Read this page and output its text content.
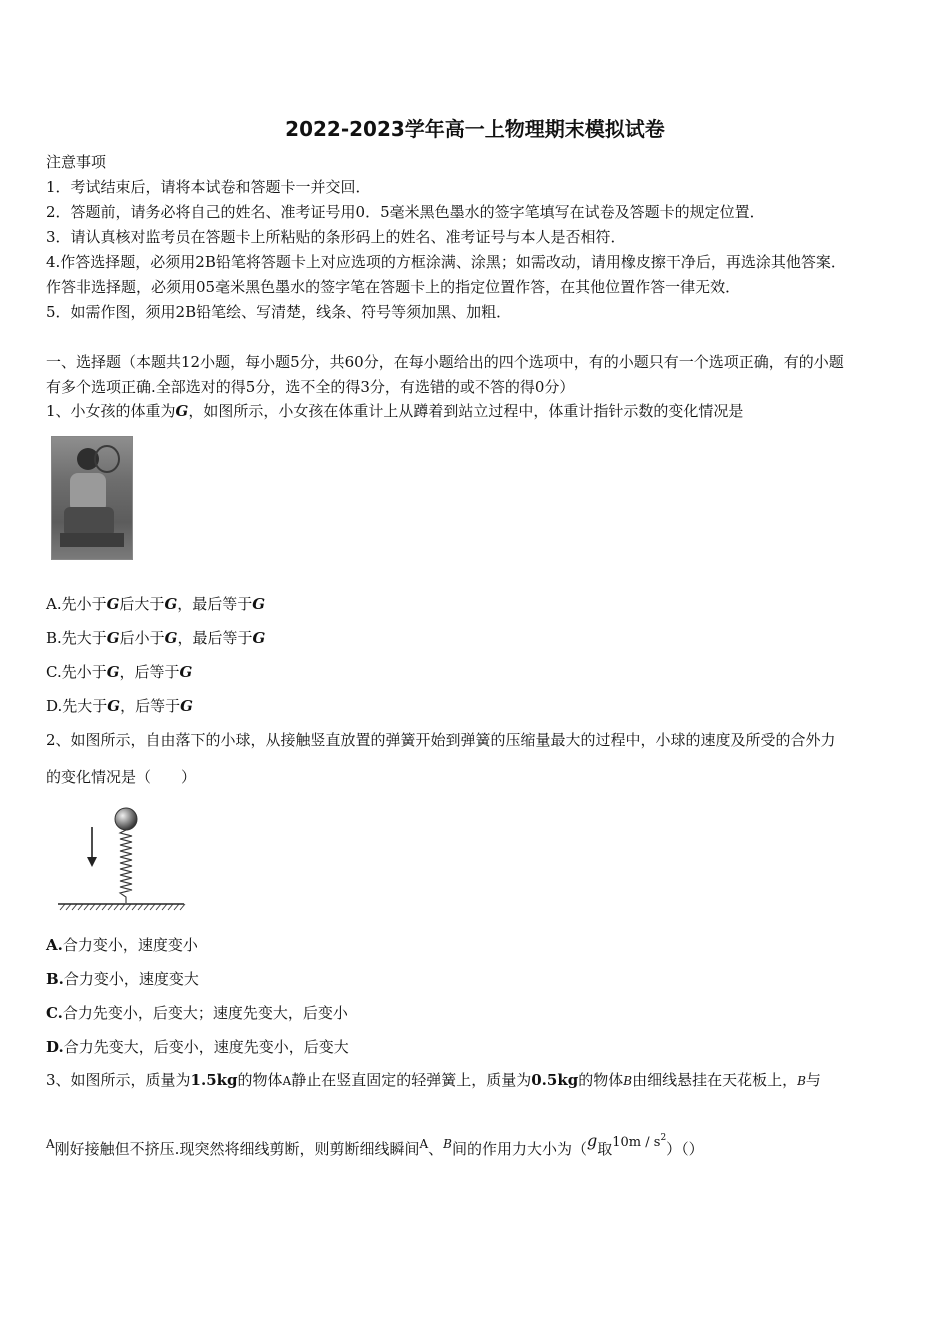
2022-2023学年高一上物理期末模拟试卷
注意事项
1．考试结束后，请将本试卷和答题卡一并交回．
2．答题前，请务必将自己的姓名、准考证号用0．5毫米黑色墨水的签字笔填写在试卷及答题卡的规定位置．
3．请认真核对监考员在答题卡上所粘贴的条形码上的姓名、准考证号与本人是否相符．
4.作答选择题，必须用2B铅笔将答题卡上对应选项的方框涂满、涂黑；如需改动，请用橡皮擦干净后，再选涂其他答案．
作答非选择题，必须用05毫米黑色墨水的签字笔在答题卡上的指定位置作答，在其他位置作答一律无效．
5．如需作图，须用2B铅笔绘、写清楚，线条、符号等须加黑、加粗．
一、选择题（本题共12小题，每小题5分，共60分，在每小题给出的四个选项中，有的小题只有一个选项正确，有的小题
有多个选项正确.全部选对的得5分，选不全的得3分，有选错的或不答的得0分）
1、小女孩的体重为G，如图所示，小女孩在体重计上从蹲着到站立过程中，体重计指针示数的变化情况是
A.先小于G后大于G，最后等于G
B.先大于G后小于G，最后等于G
C.先小于G，后等于G
D.先大于G，后等于G
2、如图所示，自由落下的小球，从接触竖直放置的弹簧开始到弹簧的压缩量最大的过程中，小球的速度及所受的合外力
的变化情况是（　　）
A.合力变小，速度变小
B.合力变小，速度变大
C.合力先变小，后变大；速度先变大，后变小
D.合力先变大，后变小，速度先变小，后变大
3、如图所示，质量为1.5kg的物体A静止在竖直固定的轻弹簧上，质量为0.5kg的物体B由细线悬挂在天花板上，B与
$^A$刚好接触但不挤压.现突然将细线剪断，则剪断细线瞬间$^A$、$^B$间的作用力大小为（g取$10m / s^2)()$
